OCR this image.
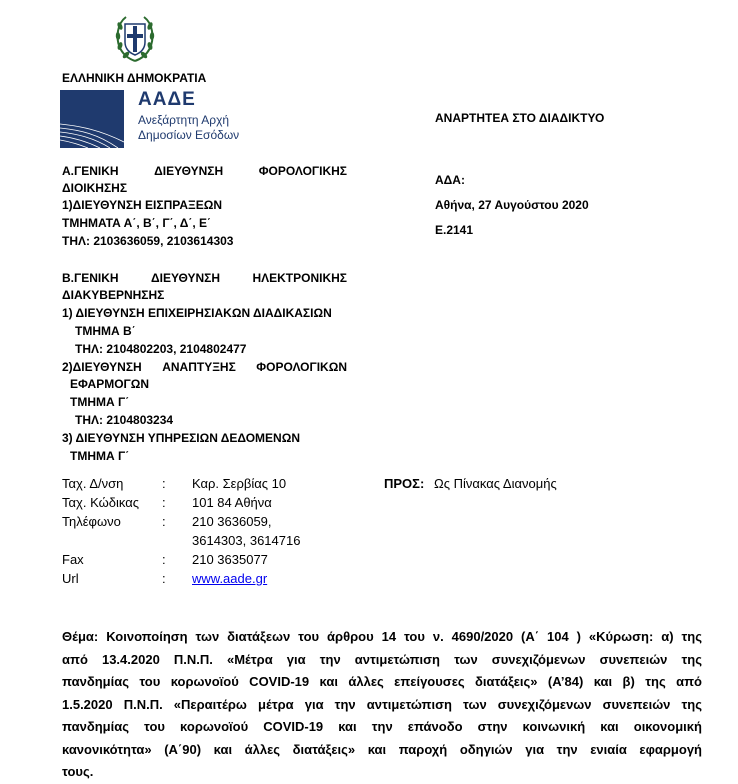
ΕΛΛΗΝΙΚΗ ΔΗΜΟΚΡΑΤΙΑ
ΑΑΔΕ
Ανεξάρτητη Αρχή
Δημοσίων Εσόδων
ΑΝΑΡΤΗΤΕΑ ΣΤΟ ΔΙΑΔΙΚΤΥΟ
ΑΔΑ:
Αθήνα, 27 Αυγούστου 2020
Ε.2141
Α.ΓΕΝΙΚΗ	ΔΙΕΥΘΥΝΣΗ	ΦΟΡΟΛΟΓΙΚΗΣ
ΔΙΟΙΚΗΣΗΣ
1)ΔΙΕΥΘΥΝΣΗ ΕΙΣΠΡΑΞΕΩΝ
ΤΜΗΜΑΤΑ Α΄, Β΄, Γ΄, Δ΄, Ε΄
ΤΗΛ: 2103636059, 2103614303
Β.ΓΕΝΙΚΗ	ΔΙΕΥΘΥΝΣΗ	ΗΛΕΚΤΡΟΝΙΚΗΣ
ΔΙΑΚΥΒΕΡΝΗΣΗΣ
1) ΔΙΕΥΘΥΝΣΗ ΕΠΙΧΕΙΡΗΣΙΑΚΩΝ ΔΙΑΔΙΚΑΣΙΩΝ
ΤΜΗΜΑ Β΄
ΤΗΛ: 2104802203, 2104802477
2)ΔΙΕΥΘΥΝΣΗ ΑΝΑΠΤΥΞΗΣ ΦΟΡΟΛΟΓΙΚΩΝ
ΕΦΑΡΜΟΓΩΝ
ΤΜΗΜΑ Γ΄
ΤΗΛ: 2104803234
3) ΔΙΕΥΘΥΝΣΗ ΥΠΗΡΕΣΙΩΝ ΔΕΔΟΜΕΝΩΝ
ΤΜΗΜΑ Γ΄
Ταχ. Δ/νση	: Καρ. Σερβίας 10
Ταχ. Κώδικας : 101 84 Αθήνα
Τηλέφωνο	: 210 3636059,
3614303, 3614716
Fax	: 210 3635077
Url	: www.aade.gr
ΠΡΟΣ: Ως Πίνακας Διανομής
Θέμα: Κοινοποίηση των διατάξεων του άρθρου 14 του ν. 4690/2020 (Α΄ 104 ) «Κύρωση: α) της
από 13.4.2020 Π.Ν.Π. «Μέτρα για την αντιμετώπιση των συνεχιζόμενων συνεπειών της
πανδημίας του κορωνοϊού COVID-19 και άλλες επείγουσες διατάξεις» (Α’84) και β) της από
1.5.2020 Π.Ν.Π. «Περαιτέρω μέτρα για την αντιμετώπιση των συνεχιζόμενων συνεπειών της
πανδημίας του κορωνοϊού COVID-19 και την επάνοδο στην κοινωνική και οικονομική
κανονικότητα» (Α΄90) και άλλες διατάξεις» και παροχή οδηγιών για την ενιαία εφαρμογή
τους.
